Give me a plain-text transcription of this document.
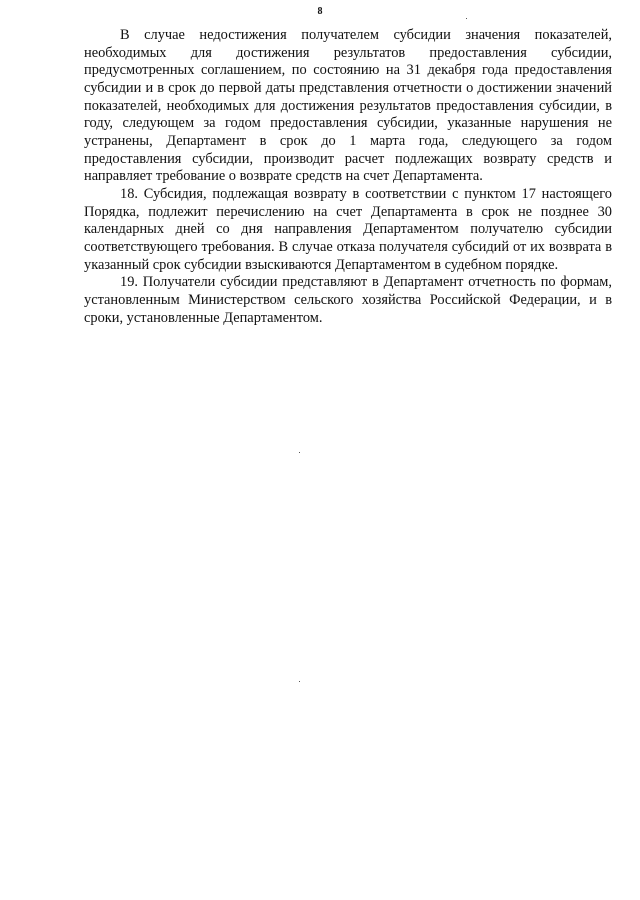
8

В случае недостижения получателем субсидии значения показателей, необходимых для достижения результатов предоставления субсидии, предусмотренных соглашением, по состоянию на 31 декабря года предоставления субсидии и в срок до первой даты представления отчетности о достижении значений показателей, необходимых для достижения результатов предоставления субсидии, в году, следующем за годом предоставления субсидии, указанные нарушения не устранены, Департамент в срок до 1 марта года, следующего за годом предоставления субсидии, производит расчет подлежащих возврату средств и направляет требование о возврате средств на счет Департамента.

18. Субсидия, подлежащая возврату в соответствии с пунктом 17 настоящего Порядка, подлежит перечислению на счет Департамента в срок не позднее 30 календарных дней со дня направления Департаментом получателю субсидии соответствующего требования. В случае отказа получателя субсидий от их возврата в указанный срок субсидии взыскиваются Департаментом в судебном порядке.

19. Получатели субсидии представляют в Департамент отчетность по формам, установленным Министерством сельского хозяйства Российской Федерации, и в сроки, установленные Департаментом.
